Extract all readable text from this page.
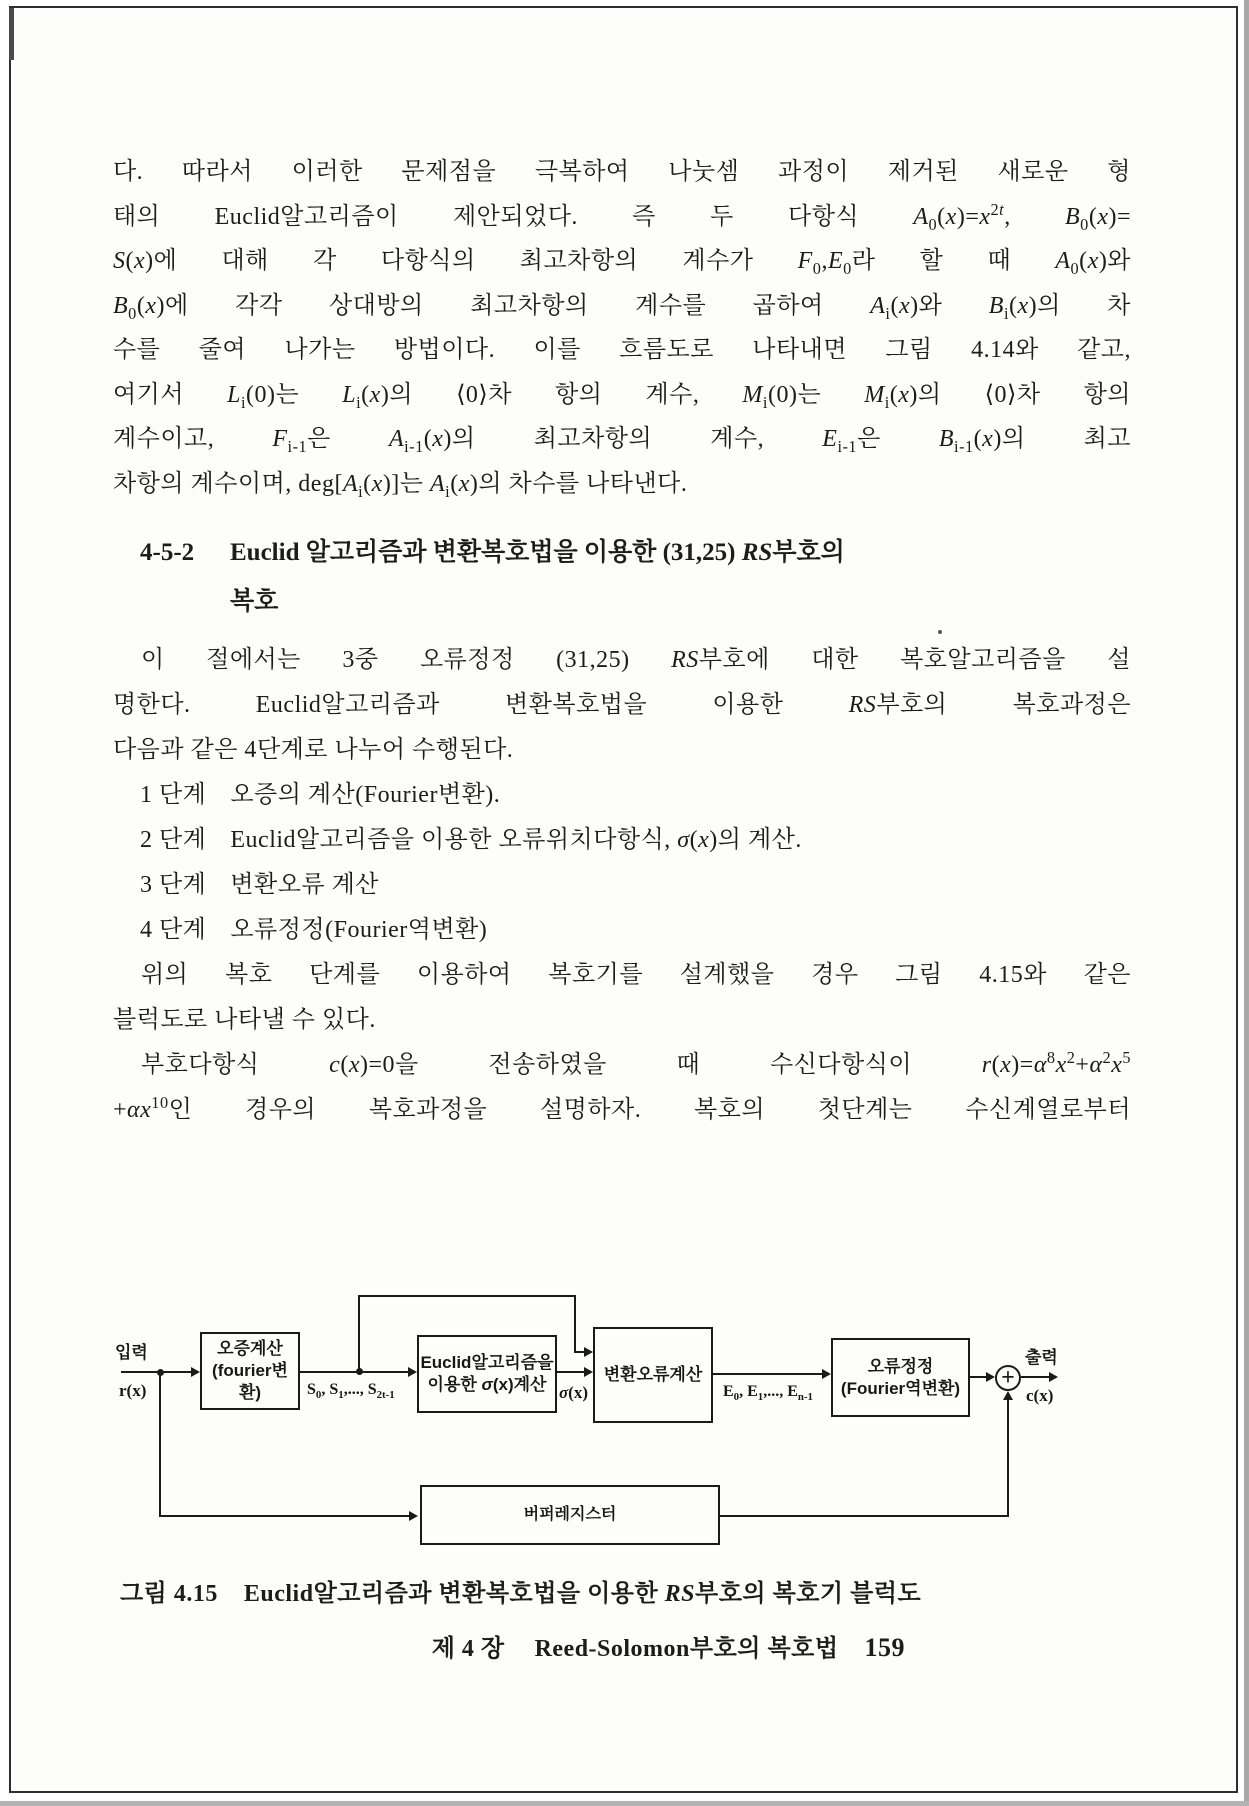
다. 따라서 이러한 문제점을 극복하여 나눗셈 과정이 제거된 새로운 형
태의 Euclid알고리즘이 제안되었다. 즉 두 다항식 $A_0(x)=x^{2t}$, $B_0(x)=$
S(x)에 대해 각 다항식의 최고차항의 계수가 $F_0,E_0$라 할 때 $A_0(x)$와
$B_0(x)$에 각각 상대방의 최고차항의 계수를 곱하여 $A_i(x)$와 $B_i(x)$의 차
수를 줄여 나가는 방법이다. 이를 흐름도로 나타내면 그림 4.14와 같고,
여기서 $L_i(0)$는 $L_i(x)$의 ⟨0⟩차 항의 계수, $M_i(0)$는 $M_i(x)$의 ⟨0⟩차 항의
계수이고, $F_{i-1}$은 $A_{i-1}(x)$의 최고차항의 계수, $E_{i-1}$은 $B_{i-1}(x)$의 최고
차항의 계수이며, $deg[A_i(x)]$는 $A_i(x)$의 차수를 나타낸다.
4-5-2	Euclid 알고리즘과 변환복호법을 이용한 (31,25) RS부호의
복호
이 절에서는 3중 오류정정 (31,25) RS부호에 대한 복호알고리즘을 설
명한다. Euclid알고리즘과 변환복호법을 이용한 RS부호의 복호과정은
다음과 같은 4단계로 나누어 수행된다.
1 단계 오증의 계산(Fourier변환).
2 단계 Euclid알고리즘을 이용한 오류위치다항식, σ(x)의 계산.
3 단계 변환오류 계산
4 단계 오류정정(Fourier역변환)
위의 복호 단계를 이용하여 복호기를 설계했을 경우 그림 4.15와 같은
블럭도로 나타낼 수 있다.
부호다항식 c(x)=0을 전송하였을 때 수신다항식이 $r(x)=\alpha^8x^2+\alpha^2x^5$
$+\alpha x^{10}$인 경우의 복호과정을 설명하자. 복호의 첫단계는 수신계열로부터
입력
r(x)
오증계산
(fourier변환)	$S_0$, $S_1$,..., $S_{2t-1}$
Euclid알고리즘을
이용한 σ(x)계산 σ(x)
변환오류계산
$E_0$, $E_1$,..., $E_{n-1}$
오류정정
(Fourier역변환) +
출력
c(x)
버퍼레지스터
그림 4.15 Euclid알고리즘과 변환복호법을 이용한 RS부호의 복호기 블럭도
제 4 장 Reed-Solomon부호의 복호법 159
